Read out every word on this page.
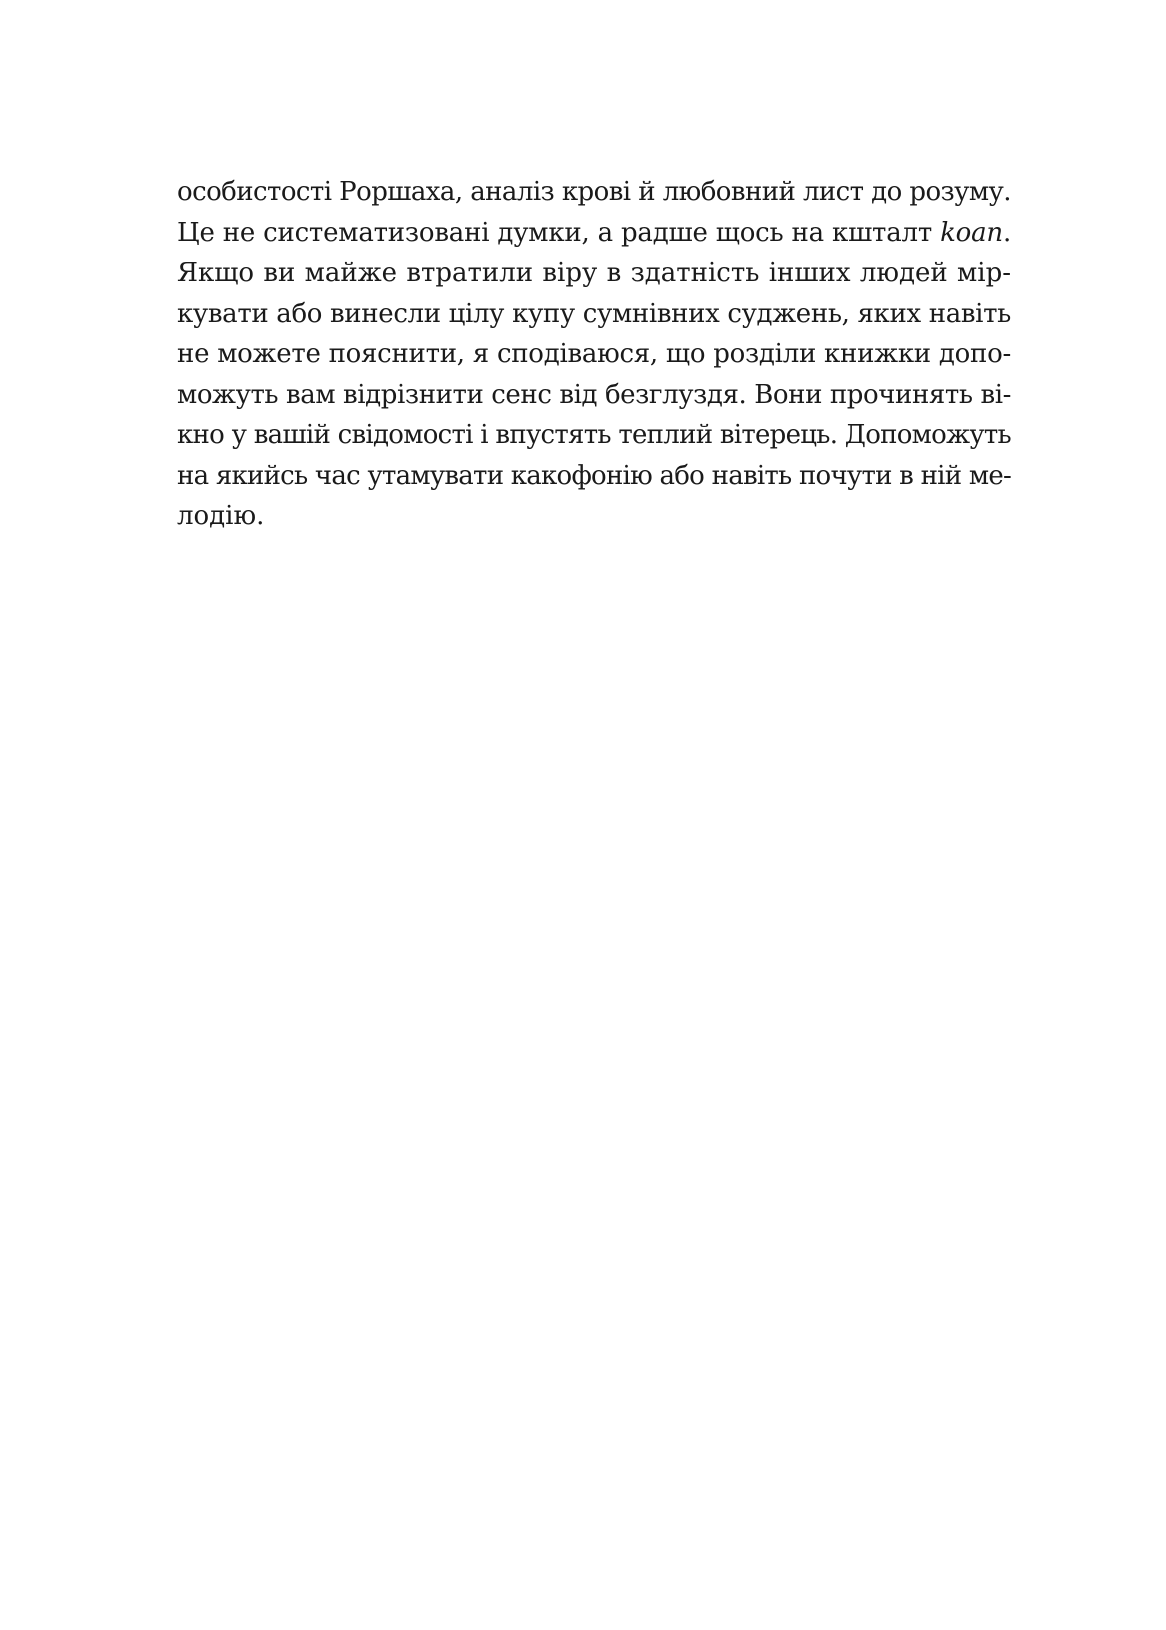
особистості Роршаха, аналіз крові й любовний лист до розуму.
Це не систематизовані думки, а радше щось на кшталт koan.
Якщо ви майже втратили віру в здатність інших людей мір-
кувати або винесли цілу купу сумнівних суджень, яких навіть
не можете пояснити, я сподіваюся, що розділи книжки допо-
можуть вам відрізнити сенс від безглуздя. Вони прочинять ві-
кно у вашій свідомості і впустять теплий вітерець. Допоможуть
на якийсь час утамувати какофонію або навіть почути в ній ме-
лодію.
